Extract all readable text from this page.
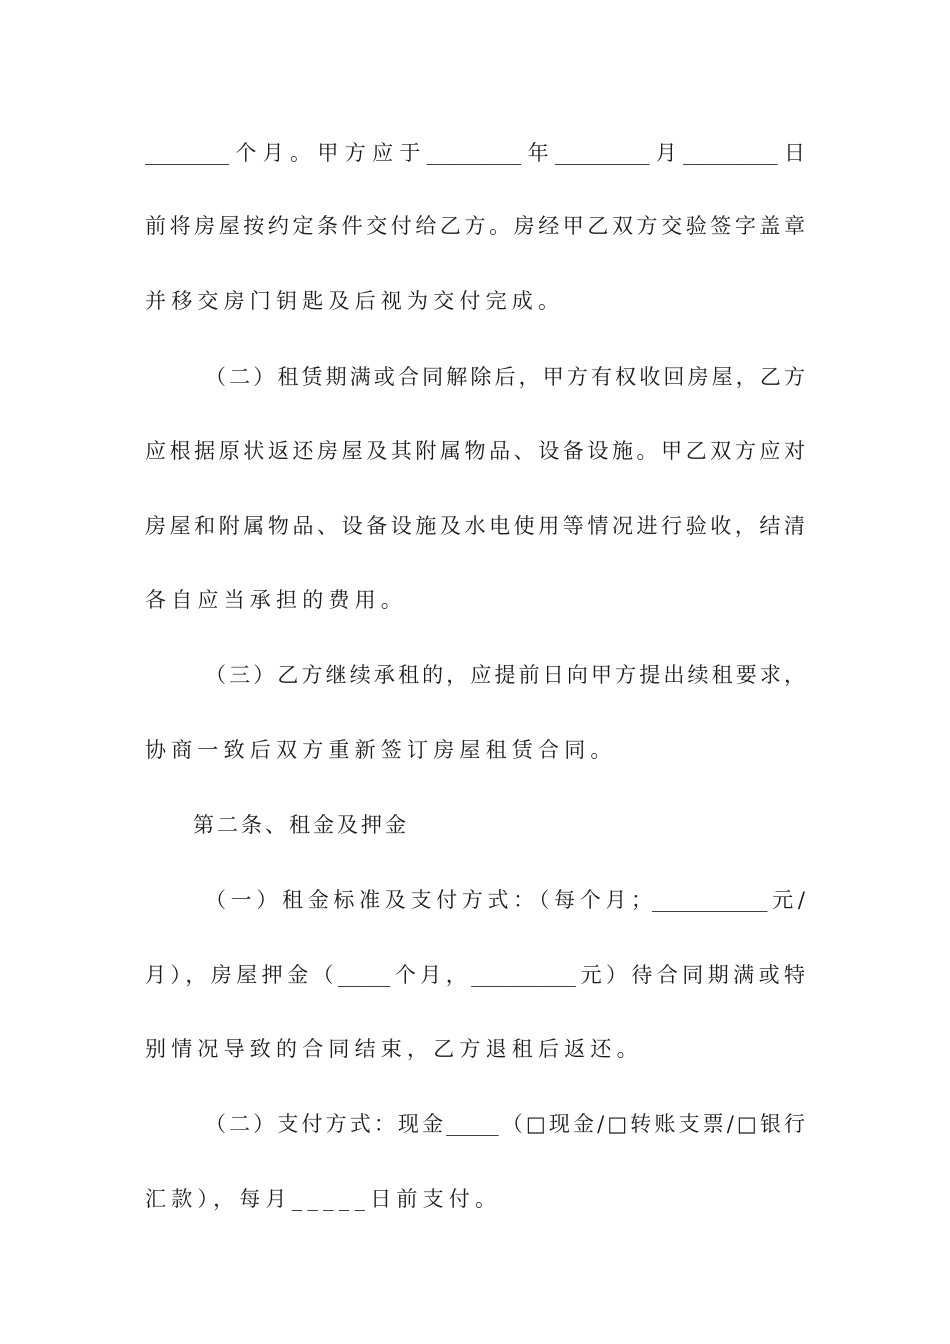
________个月。甲方应于_________年_________月_________日
前将房屋按约定条件交付给乙方。房经甲乙双方交验签字盖章
并移交房门钥匙及后视为交付完成。
（二）租赁期满或合同解除后，甲方有权收回房屋，乙方
应根据原状返还房屋及其附属物品、设备设施。甲乙双方应对
房屋和附属物品、设备设施及水电使用等情况进行验收，结清
各自应当承担的费用。
（三）乙方继续承租的，应提前日向甲方提出续租要求，
协商一致后双方重新签订房屋租赁合同。
第二条、租金及押金
（一）租金标准及支付方式：（每个月；___________元/
月），房屋押金（_____个月，__________元）待合同期满或特
别情况导致的合同结束，乙方退租后返还。
（二）支付方式：现金_____（□现金/□转账支票/□银行
汇款），每月_____日前支付。
